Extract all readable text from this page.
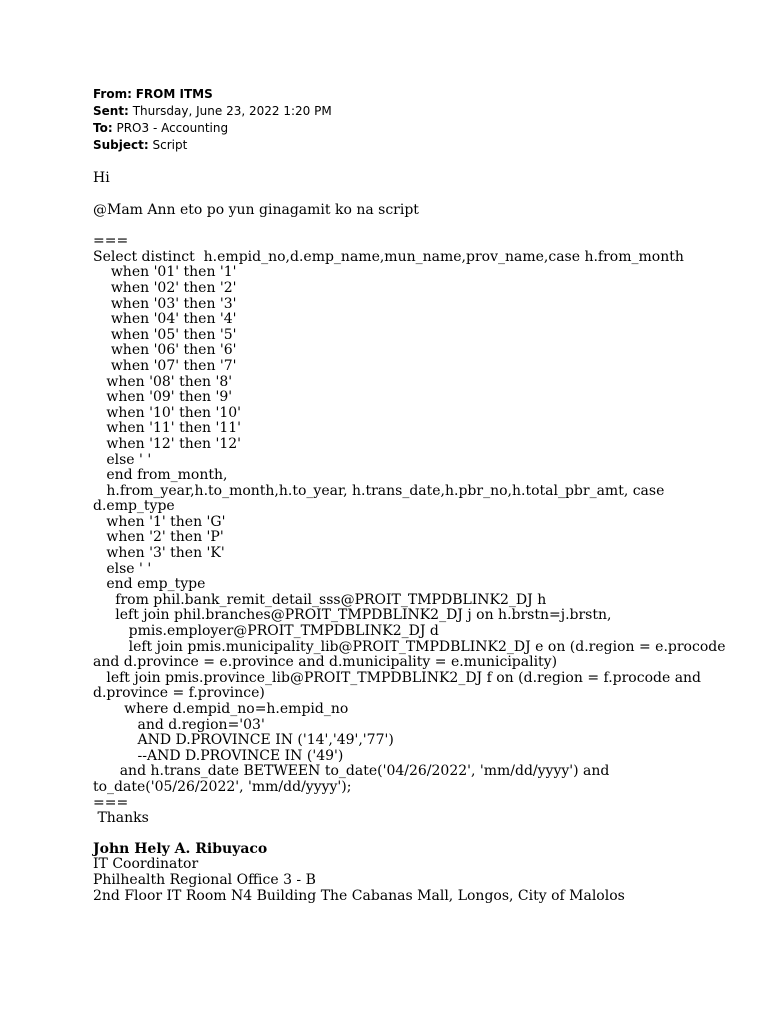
From: FROM ITMS
Sent: Thursday, June 23, 2022 1:20 PM
To: PRO3 - Accounting
Subject: Script
Hi
@Mam Ann eto po yun ginagamit ko na script
===
Select distinct  h.empid_no,d.emp_name,mun_name,prov_name,case h.from_month
when '01' then '1'
when '02' then '2'
when '03' then '3'
when '04' then '4'
when '05' then '5'
when '06' then '6'
when '07' then '7'
when '08' then '8'
when '09' then '9'
when '10' then '10'
when '11' then '11'
when '12' then '12'
else ' '
end from_month,
h.from_year,h.to_month,h.to_year, h.trans_date,h.pbr_no,h.total_pbr_amt, case d.emp_type
when '1' then 'G'
when '2' then 'P'
when '3' then 'K'
else ' '
end emp_type
from phil.bank_remit_detail_sss@PROIT_TMPDBLINK2_DJ h
left join phil.branches@PROIT_TMPDBLINK2_DJ j on h.brstn=j.brstn,
pmis.employer@PROIT_TMPDBLINK2_DJ d
left join pmis.municipality_lib@PROIT_TMPDBLINK2_DJ e on (d.region = e.procode and d.province = e.province and d.municipality = e.municipality)
left join pmis.province_lib@PROIT_TMPDBLINK2_DJ f on (d.region = f.procode and d.province = f.province)
where d.empid_no=h.empid_no
and d.region='03'
AND D.PROVINCE IN ('14','49','77')
--AND D.PROVINCE IN ('49')
and h.trans_date BETWEEN to_date('04/26/2022', 'mm/dd/yyyy') and to_date('05/26/2022', 'mm/dd/yyyy');
===
Thanks
John Hely A. Ribuyaco
IT Coordinator
Philhealth Regional Office 3 - B
2nd Floor IT Room N4 Building The Cabanas Mall, Longos, City of Malolos
